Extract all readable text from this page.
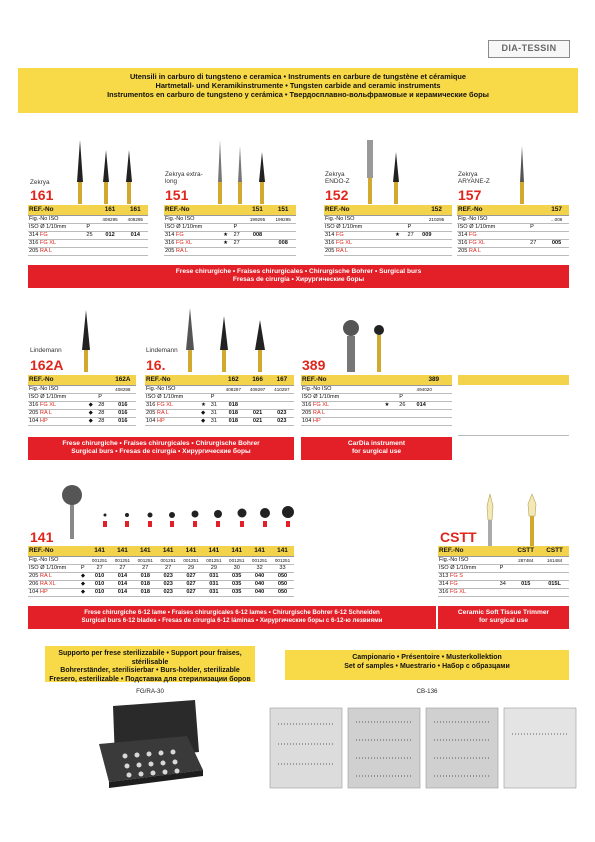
DIA-TESSIN
Utensili in carburo di tungsteno e ceramica • Instruments en carbure de tungstène et céramique
Hartmetall- und Keramikinstrumente • Tungsten carbide and ceramic instruments
Instrumentos en carburo de tungsteno y cerámica • Твердосплавно-вольфрамовые и керамические боры
Zekrya
161
REF.-No		161	161
Fig.-No ISO		408295	408295
ISO Ø 1/10mm	P		
314 FG	25	012	014
316 FG XL			
205 RA L			
Zekrya extra-long
151
REF.-No			151	151
Fig.-No ISO			199295	199295
ISO Ø 1/10mm		P		
314 FG	★	27	008	
316 FG XL	★	27		008
205 RA L				
Zekrya ENDO-Z
152
REF.-No			152
Fig.-No ISO			210295
ISO Ø 1/10mm		P	
314 FG	★	27	009
316 FG XL			
205 RA L			
Zekrya ARYANE-Z
157
REF.-No		157
Fig.-No ISO		...006
ISO Ø 1/10mm	P	
314 FG		
316 FG XL	27	005
205 RA L		
Frese chirurgiche • Fraises chirurgicales • Chirurgische Bohrer • Surgical burs
Fresas de cirurgía • Хирургические боры
Lindemann
162A
REF.-No			162A
Fig.-No ISO			408298
ISO Ø 1/10mm		P	
316 FG XL	◆	28	016
205 RA L	◆	28	016
104 HP	◆	28	016
Lindemann
16.
REF.-No			162	166	167
Fig.-No ISO			408297	409297	410297
ISO Ø 1/10mm		P			
316 FG XL	★	31	018		
205 RA L	◆	31	018	021	023
104 HP	◆	31	018	021	023
389
REF.-No			389
Fig.-No ISO			494020
ISO Ø 1/10mm		P	
316 FG XL	★	26	014
205 RA L			
104 HP			
Frese chirurgiche • Fraises chirurgicales • Chirurgische Bohrer
Surgical burs • Fresas de cirurgía • Хирургические боры
CarDia instrument
for surgical use
141
REF.-No		141	141	141	141	141	141	141	141	141
Fig.-No ISO		001251	001251	001251	001251	001251	001251	001251	001251	001251
ISO Ø 1/10mm	P	27	27	27	27	29	29	30	32	33
205 RA L	◆	010	014	018	023	027	031	035	040	050
206 RA XL	◆	010	014	018	023	027	031	035	040	050
104 HP	◆	010	014	018	023	027	031	035	040	050
CSTT
REF.-No		CSTT	CSTT
Fig.-No ISO		287484	161484
ISO Ø 1/10mm	P		
313 FG S			
314 FG	34	015	015L
316 FG XL			
Frese chirurgiche 6-12 lame • Fraises chirurgicales 6-12 lames • Chirurgische Bohrer 6-12 Schneiden
Surgical burs 6-12 blades • Fresas de cirurgía 6-12 láminas • Хирургические боры с 6-12-ю лезвиями
Ceramic Soft Tissue Trimmer
for surgical use
Supporto per frese sterilizzabile • Support pour fraises, stérilisable
Bohrerständer, sterilisierbar • Burs-holder, sterilizable
Fresero, esterilizable • Подставка для стерилизации боров
FG/RA-30
Campionario • Présentoire • Musterkollektion
Set of samples • Muestrario • Набор с образцами
CB-136
